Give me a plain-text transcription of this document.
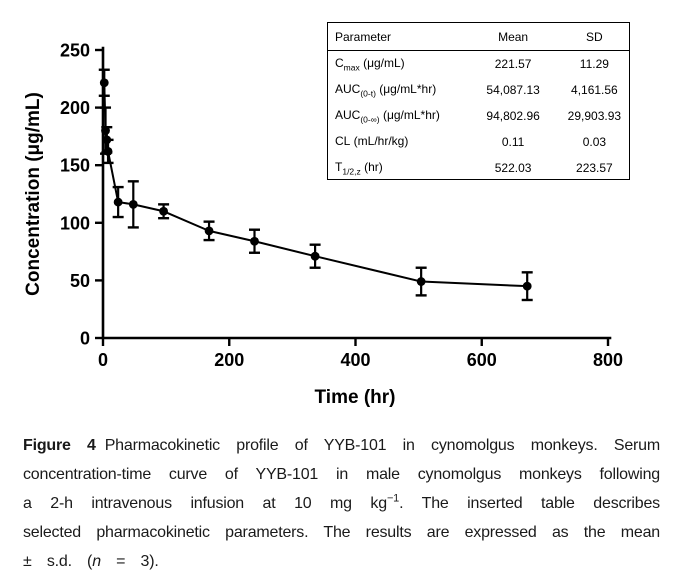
0
50
100
150
200
250
0	200	400	600	800
Time (hr)
Concentration (μg/mL)
Parameter	Mean	SD
$C_{max}$ (μg/mL)	221.57	11.29
$AUC_{(0-t)}$ (μg/mL*hr)	54,087.13	4,161.56
$AUC_{(0-\infty)}$ (μg/mL*hr)	94,802.96	29,903.93
CL (mL/hr/kg)	0.11	0.03
$T_{1/2,z}$ (hr)	522.03	223.57

Figure 4 Pharmacokinetic profile of YYB-101 in cynomolgus monkeys. Serum concentration-time curve of YYB-101 in male cynomolgus monkeys following a 2-h intravenous infusion at 10 mg $kg^{-1}$. The inserted table describes selected pharmacokinetic parameters. The results are expressed as the mean ± s.d. (n = 3).
